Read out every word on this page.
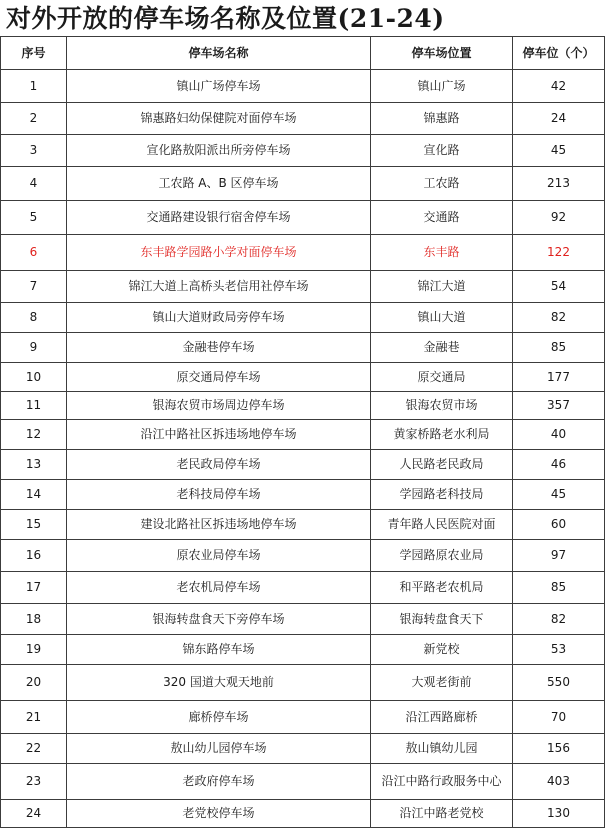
对外开放的停车场名称及位置(21-24)
序号	停车场名称	停车场位置	停车位（个）
1	镇山广场停车场	镇山广场	42
2	锦惠路妇幼保健院对面停车场	锦惠路	24
3	宣化路敖阳派出所旁停车场	宣化路	45
4	工农路 A、B 区停车场	工农路	213
5	交通路建设银行宿舍停车场	交通路	92
6	东丰路学园路小学对面停车场	东丰路	122
7	锦江大道上高桥头老信用社停车场	锦江大道	54
8	镇山大道财政局旁停车场	镇山大道	82
9	金融巷停车场	金融巷	85
10	原交通局停车场	原交通局	177
11	银海农贸市场周边停车场	银海农贸市场	357
12	沿江中路社区拆违场地停车场	黄家桥路老水利局	40
13	老民政局停车场	人民路老民政局	46
14	老科技局停车场	学园路老科技局	45
15	建设北路社区拆违场地停车场	青年路人民医院对面	60
16	原农业局停车场	学园路原农业局	97
17	老农机局停车场	和平路老农机局	85
18	银海转盘食天下旁停车场	银海转盘食天下	82
19	锦东路停车场	新党校	53
20	320 国道大观天地前	大观老街前	550
21	廊桥停车场	沿江西路廊桥	70
22	敖山幼儿园停车场	敖山镇幼儿园	156
23	老政府停车场	沿江中路行政服务中心	403
24	老党校停车场	沿江中路老党校	130
